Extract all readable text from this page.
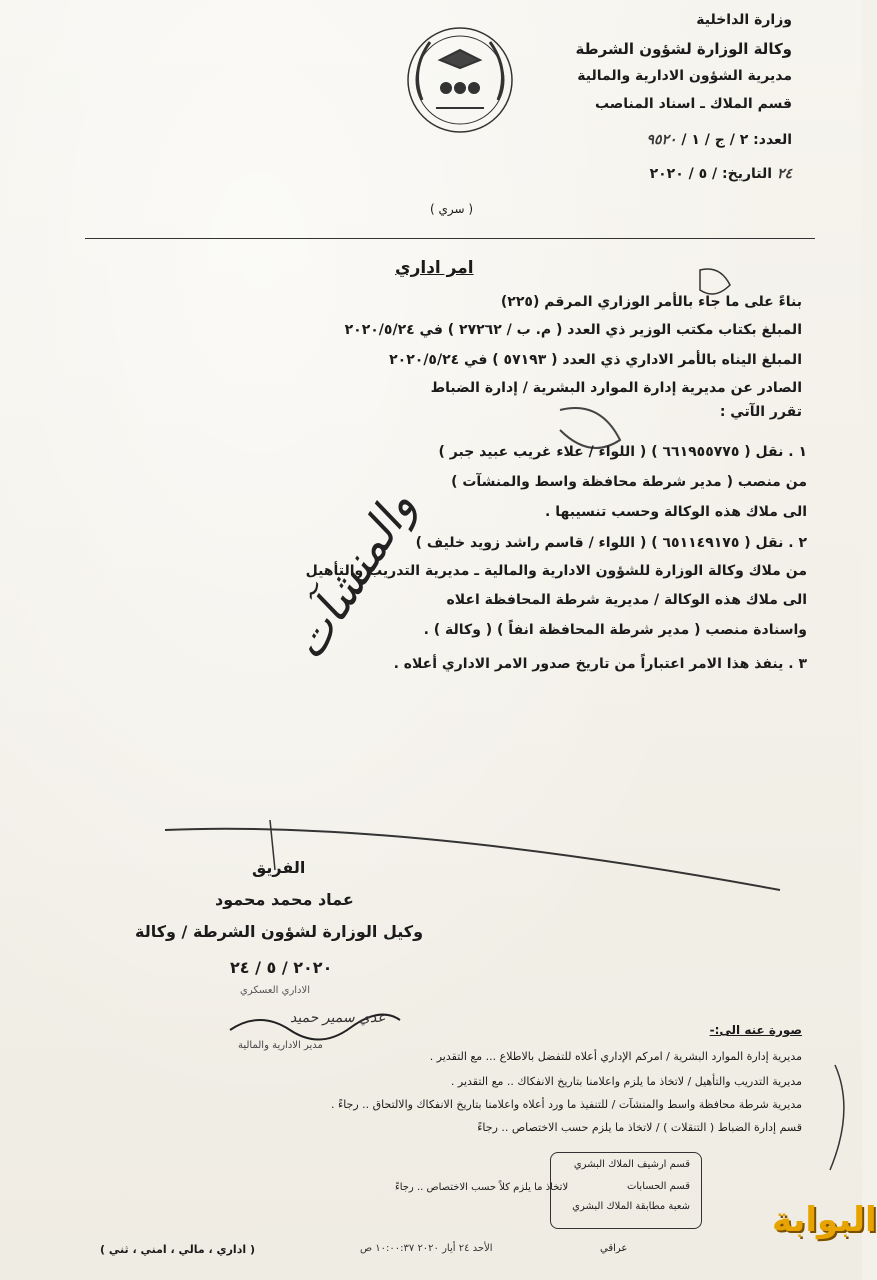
وزارة الداخلية
وكالة الوزارة لشؤون الشرطة
مديرية الشؤون الادارية والمالية
قسم الملاك ـ اسناد المناصب
العدد: ٢ / ج / ١ / ٩٥٢٠
٢٤ التاريخ: / ٥ / ٢٠٢٠
( سري )
امر اداري
بناءً على ما جاء بالأمر الوزاري المرقم (٢٢٥)
المبلغ بكتاب مكتب الوزير ذي العدد ( م. ب / ٢٧٢٦٢ ) في ٢٠٢٠/٥/٢٤
المبلغ اليناه بالأمر الاداري ذي العدد ( ٥٧١٩٣ ) في ٢٠٢٠/٥/٢٤
الصادر عن مديرية إدارة الموارد البشرية / إدارة الضباط
تقرر الآتي :
١ . نقل ( ٦٦١٩٥٥٧٧٥ ) ( اللواء / علاء غريب عبيد جبر )
من منصب ( مدير شرطة محافظة واسط والمنشآت )
الى ملاك هذه الوكالة وحسب تنسيبها .
٢ . نقل ( ٦٥١١٤٩١٧٥ ) ( اللواء / قاسم راشد زويد خليف )
من ملاك وكالة الوزارة للشؤون الادارية والمالية ـ مديرية التدريب والتأهيل
الى ملاك هذه الوكالة / مديرية شرطة المحافظة اعلاه
واسنادة منصب ( مدير شرطة المحافظة انفاً ) ( وكالة ) .
٣ . ينفذ هذا الامر اعتباراً من تاريخ صدور الامر الاداري أعلاه .
والمنشآت
الفريق
عماد محمد محمود
وكيل الوزارة لشؤون الشرطة / وكالة
٢٠٢٠ / ٥ / ٢٤
الاداري العسكري
عدي سمير حميد
مدير الادارية والمالية
صورة عنه الى:-
مديرية إدارة الموارد البشرية / امركم الإداري أعلاه للتفضل بالاطلاع ... مع التقدير .
مديرية التدريب والتأهيل / لاتخاذ ما يلزم واعلامنا بتاريخ الانفكاك .. مع التقدير .
مديرية شرطة محافظة واسط والمنشآت / للتنفيذ ما ورد أعلاه واعلامنا بتاريخ الانفكاك والالتحاق .. رجاءً .
قسم إدارة الضباط ( التنقلات ) / لاتخاذ ما يلزم حسب الاختصاص .. رجاءً
قسم ارشيف الملاك البشري
قسم الحسابات
شعبة مطابقة الملاك البشري
لاتخاذ ما يلزم كلاً حسب الاختصاص .. رجاءً
( اداري ، مالي ، امني ، ثني )	الأحد ٢٤ أيار ٢٠٢٠ ١٠:٠٠:٣٧ ص	عراقي
البوابة
